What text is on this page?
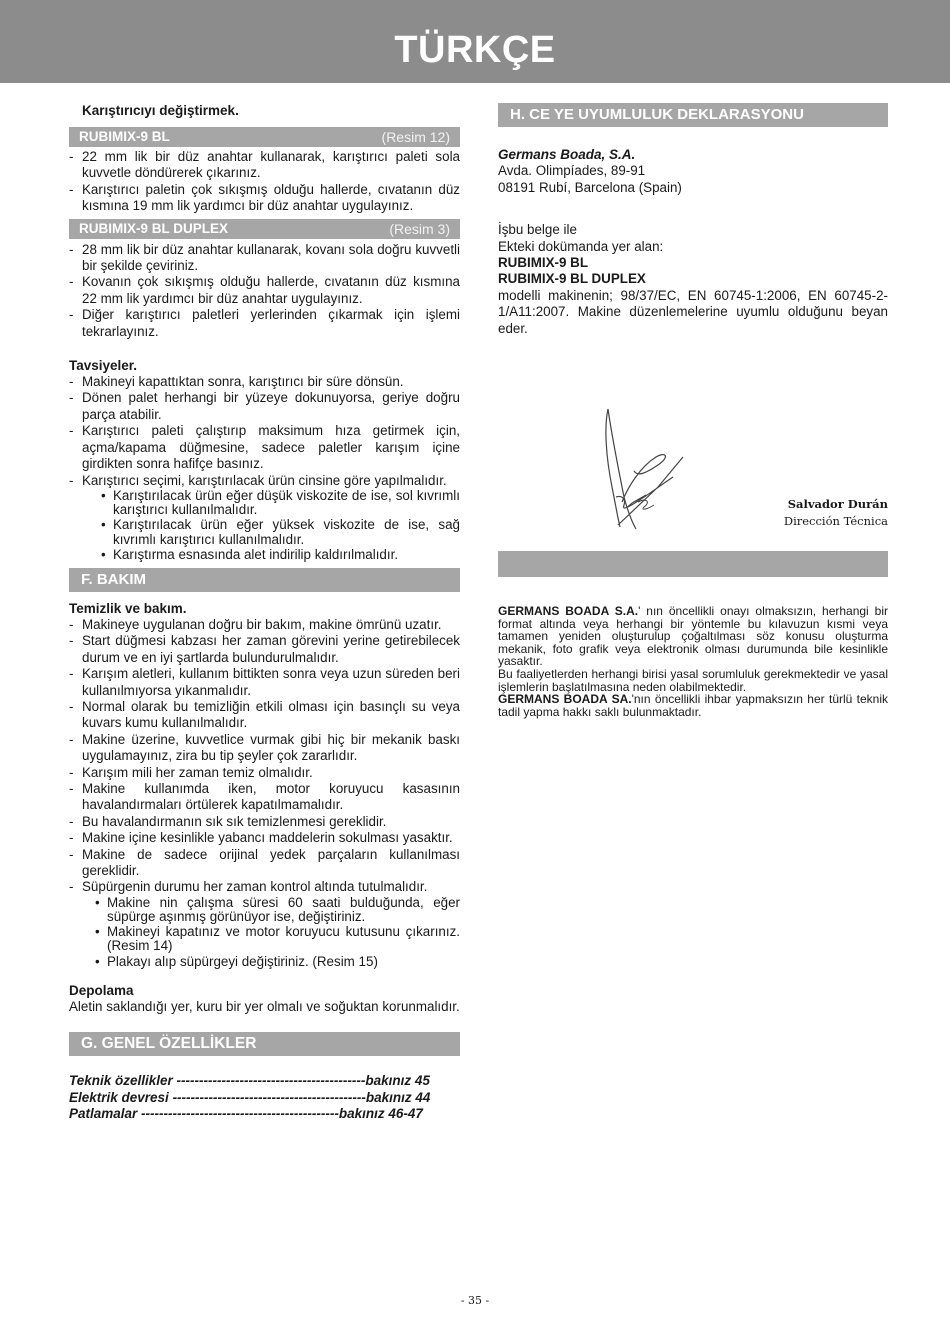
TÜRKÇE
Karıştırıcıyı değiştirmek.
RUBIMIX-9 BL	(Resim 12)
- 22 mm lik bir düz anahtar kullanarak, karıştırıcı paleti sola kuvvetle döndürerek çıkarınız.
- Karıştırıcı paletin çok sıkışmış olduğu hallerde, cıvatanın düz kısmına 19 mm lik yardımcı bir düz anahtar uygulayınız.
RUBIMIX-9 BL DUPLEX	(Resim 3)
- 28 mm lik bir düz anahtar kullanarak, kovanı sola doğru kuvvetli bir şekilde çeviriniz.
- Kovanın çok sıkışmış olduğu hallerde, cıvatanın düz kısmına 22 mm lik yardımcı bir düz anahtar uygulayınız.
- Diğer karıştırıcı paletleri yerlerinden çıkarmak için işlemi tekrarlayınız.
Tavsiyeler.
- Makineyi kapattıktan sonra, karıştırıcı bir süre dönsün.
- Dönen palet herhangi bir yüzeye dokunuyorsa, geriye doğru parça atabilir.
- Karıştırıcı paleti çalıştırıp maksimum hıza getirmek için, açma/kapama düğmesine, sadece paletler karışım içine girdikten sonra hafifçe basınız.
- Karıştırıcı seçimi, karıştırılacak ürün cinsine göre yapılmalıdır.
• Karıştırılacak ürün eğer düşük viskozite de ise, sol kıvrımlı karıştırıcı kullanılmalıdır.
• Karıştırılacak ürün eğer yüksek viskozite de ise, sağ kıvrımlı karıştırıcı kullanılmalıdır.
• Karıştırma esnasında alet indirilip kaldırılmalıdır.
F. BAKIM
Temizlik ve bakım.
- Makineye uygulanan doğru bir bakım, makine ömrünü uzatır.
- Start düğmesi kabzası her zaman görevini yerine getirebilecek durum ve en iyi şartlarda bulundurulmalıdır.
- Karışım aletleri, kullanım bittikten sonra veya uzun süreden beri kullanılmıyorsa yıkanmalıdır.
- Normal olarak bu temizliğin etkili olması için basınçlı su veya kuvars kumu kullanılmalıdır.
- Makine üzerine, kuvvetlice vurmak gibi hiç bir mekanik baskı uygulamayınız, zira bu tip şeyler çok zararlıdır.
- Karışım mili her zaman temiz olmalıdır.
- Makine kullanımda iken, motor koruyucu kasasının havalandırmaları örtülerek kapatılmamalıdır.
- Bu havalandırmanın sık sık temizlenmesi gereklidir.
- Makine içine kesinlikle yabancı maddelerin sokulması yasaktır.
- Makine de sadece orijinal yedek parçaların kullanılması gereklidir.
- Süpürgenin durumu her zaman kontrol altında tutulmalıdır.
• Makine nin çalışma süresi 60 saati bulduğunda, eğer süpürge aşınmış görünüyor ise, değiştiriniz.
• Makineyi kapatınız ve motor koruyucu kutusunu çıkarınız. (Resim 14)
• Plakayı alıp süpürgeyi değiştiriniz. (Resim 15)
Depolama

Aletin saklandığı yer, kuru bir yer olmalı ve soğuktan korunmalıdır.

G. GENEL ÖZELLİKLER
Teknik özellikler ------------------------------------------bakınız 45
Elektrik devresi -------------------------------------------bakınız 44
Patlamalar --------------------------------------------bakınız 46-47
H. CE YE UYUMLULUK DEKLARASYONU
Germans Boada, S.A.

Avda. Olimpíades, 89-91

08191 Rubí, Barcelona (Spain)

İşbu belge ile

Ekteki dokümanda yer alan:

RUBIMIX-9 BL

RUBIMIX-9 BL DUPLEX

modelli makinenin; 98/37/EC, EN 60745-1:2006, EN 60745-2-1/A11:2007. Makine düzenlemelerine uyumlu olduğunu beyan eder.

Salvador Durán
Dirección Técnica

GERMANS BOADA S.A.' nın öncellikli onayı olmaksızın, herhangi bir format altında veya herhangi bir yöntemle bu kılavuzun kısmi veya tamamen yeniden oluşturulup çoğaltılması söz konusu oluşturma mekanik, foto grafik veya elektronik olması durumunda bile kesinlikle yasaktır.

Bu faaliyetlerden herhangi birisi yasal sorumluluk gerekmektedir ve yasal işlemlerin başlatılmasına neden olabilmektedir.

GERMANS BOADA SA.'nın öncellikli ihbar yapmaksızın her türlü teknik tadil yapma hakkı saklı bulunmaktadır.

- 35 -
